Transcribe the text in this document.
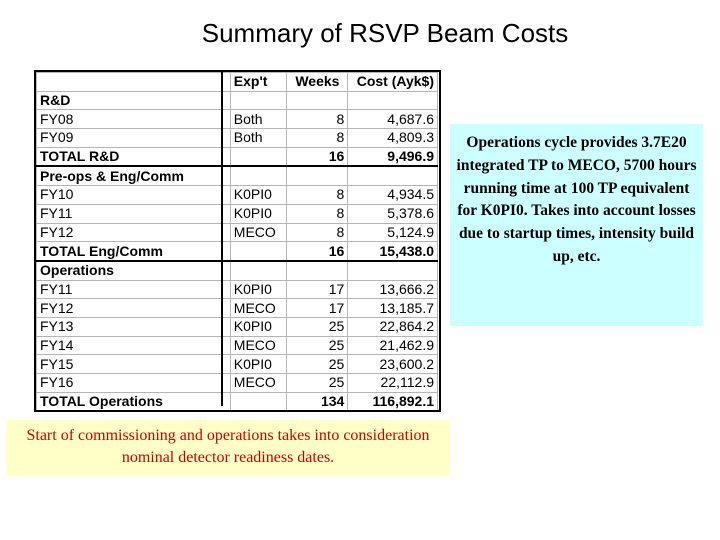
Summary of RSVP Beam Costs
	Exp't	Weeks	Cost (Ayk$)
R&D			
FY08	Both	8	4,687.6
FY09	Both	8	4,809.3
TOTAL R&D		16	9,496.9
Pre-ops & Eng/Comm			
FY10	K0PI0	8	4,934.5
FY11	K0PI0	8	5,378.6
FY12	MECO	8	5,124.9
TOTAL Eng/Comm		16	15,438.0
Operations			
FY11	K0PI0	17	13,666.2
FY12	MECO	17	13,185.7
FY13	K0PI0	25	22,864.2
FY14	MECO	25	21,462.9
FY15	K0PI0	25	23,600.2
FY16	MECO	25	22,112.9
TOTAL Operations		134	116,892.1
Operations cycle provides 3.7E20 integrated TP to MECO, 5700 hours running time at 100 TP equivalent for K0PI0. Takes into account losses due to startup times, intensity build up, etc.
Start of commissioning and operations takes into consideration nominal detector readiness dates.
